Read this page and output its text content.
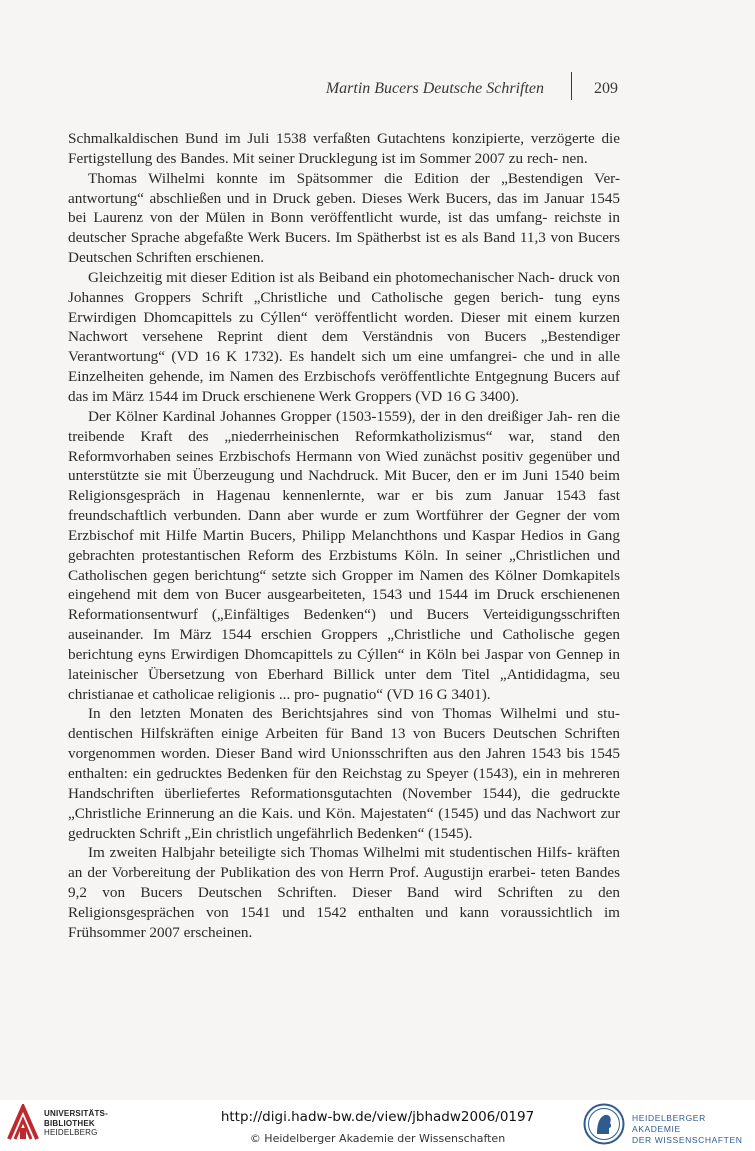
Martin Bucers Deutsche Schriften	209

Schmalkaldischen Bund im Juli 1538 verfaßten Gutachtens konzipierte, verzögerte die Fertigstellung des Bandes. Mit seiner Drucklegung ist im Sommer 2007 zu rech- nen.

Thomas Wilhelmi konnte im Spätsommer die Edition der „Bestendigen Ver- antwortung“ abschließen und in Druck geben. Dieses Werk Bucers, das im Januar 1545 bei Laurenz von der Mülen in Bonn veröffentlicht wurde, ist das umfang- reichste in deutscher Sprache abgefaßte Werk Bucers. Im Spätherbst ist es als Band 11,3 von Bucers Deutschen Schriften erschienen.

Gleichzeitig mit dieser Edition ist als Beiband ein photomechanischer Nach- druck von Johannes Groppers Schrift „Christliche und Catholische gegen berich- tung eyns Erwirdigen Dhomcapittels zu Cýllen“ veröffentlicht worden. Dieser mit einem kurzen Nachwort versehene Reprint dient dem Verständnis von Bucers „Bestendiger Verantwortung“ (VD 16 K 1732). Es handelt sich um eine umfangrei- che und in alle Einzelheiten gehende, im Namen des Erzbischofs veröffentlichte Entgegnung Bucers auf das im März 1544 im Druck erschienene Werk Groppers (VD 16 G 3400).

Der Kölner Kardinal Johannes Gropper (1503-1559), der in den dreißiger Jah- ren die treibende Kraft des „niederrheinischen Reformkatholizismus“ war, stand den Reformvorhaben seines Erzbischofs Hermann von Wied zunächst positiv gegenüber und unterstützte sie mit Überzeugung und Nachdruck. Mit Bucer, den er im Juni 1540 beim Religionsgespräch in Hagenau kennenlernte, war er bis zum Januar 1543 fast freundschaftlich verbunden. Dann aber wurde er zum Wortführer der Gegner der vom Erzbischof mit Hilfe Martin Bucers, Philipp Melanchthons und Kaspar Hedios in Gang gebrachten protestantischen Reform des Erzbistums Köln. In seiner „Christlichen und Catholischen gegen berichtung“ setzte sich Gropper im Namen des Kölner Domkapitels eingehend mit dem von Bucer ausgearbeiteten, 1543 und 1544 im Druck erschienenen Reformationsentwurf („Einfältiges Bedenken“) und Bucers Verteidigungsschriften auseinander. Im März 1544 erschien Groppers „Christliche und Catholische gegen berichtung eyns Erwirdigen Dhomcapittels zu Cýllen“ in Köln bei Jaspar von Gennep in lateinischer Übersetzung von Eberhard Billick unter dem Titel „Antididagma, seu christianae et catholicae religionis ... pro- pugnatio“ (VD 16 G 3401).

In den letzten Monaten des Berichtsjahres sind von Thomas Wilhelmi und stu- dentischen Hilfskräften einige Arbeiten für Band 13 von Bucers Deutschen Schriften vorgenommen worden. Dieser Band wird Unionsschriften aus den Jahren 1543 bis 1545 enthalten: ein gedrucktes Bedenken für den Reichstag zu Speyer (1543), ein in mehreren Handschriften überliefertes Reformationsgutachten (November 1544), die gedruckte „Christliche Erinnerung an die Kais. und Kön. Majestaten“ (1545) und das Nachwort zur gedruckten Schrift „Ein christlich ungefährlich Bedenken“ (1545).

Im zweiten Halbjahr beteiligte sich Thomas Wilhelmi mit studentischen Hilfs- kräften an der Vorbereitung der Publikation des von Herrn Prof. Augustijn erarbei- teten Bandes 9,2 von Bucers Deutschen Schriften. Dieser Band wird Schriften zu den Religionsgesprächen von 1541 und 1542 enthalten und kann voraussichtlich im Frühsommer 2007 erscheinen.

UNIVERSITÄTS-
BIBLIOTHEK
HEIDELBERG
http://digi.hadw-bw.de/view/jbhadw2006/0197
© Heidelberger Akademie der Wissenschaften
HEIDELBERGER AKADEMIE
DER WISSENSCHAFTEN
